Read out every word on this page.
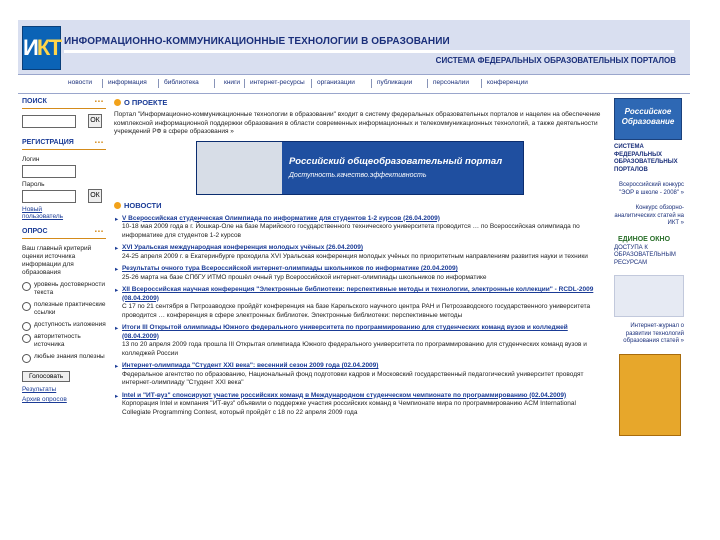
ИКТ ИНФОРМАЦИОННО-КОММУНИКАЦИОННЫЕ ТЕХНОЛОГИИ В ОБРАЗОВАНИИ
СИСТЕМА ФЕДЕРАЛЬНЫХ ОБРАЗОВАТЕЛЬНЫХ ПОРТАЛОВ
новости информация	библиотека	книги интернет-ресурсы организации	публикации	персоналии	конференции
ПОИСК	▪▪▪
ОК
РЕГИСТРАЦИЯ	▪▪▪
Логин
Пароль
ОК
Новый пользователь
ОПРОС	▪▪▪
Ваш главный критерий оценки источника информации для образования
уровень достоверности текста
полезные практические ссылки
доступность изложения
авторитетность источника
любые знания полезны
Голосовать
Результаты
Архив опросов
О ПРОЕКТЕ
Портал "Информационно-коммуникационные технологии в образовании" входит в систему федеральных образовательных порталов и нацелен на обеспечение комплексной информационной поддержки образования в области современных информационных и телекоммуникационных технологий, а также деятельности учреждений РФ в сфере образования »
Российский общеобразовательный портал
Доступность.качество.эффективность
НОВОСТИ
▸ V Всероссийская студенческая Олимпиада по информатике для студентов 1-2 курсов (26.04.2009)
10-18 мая 2009 года в г. Йошкар-Оле на базе Марийского государственного технического университета проводится … по Всероссийская олимпиада по информатике для студентов 1-2 курсов
▸ XVI Уральская международная конференция молодых учёных (26.04.2009)
24-25 апреля 2009 г. в Екатеринбурге проходила XVI Уральская конференция молодых учёных по приоритетным направлениям развития науки и техники
▸ Результаты очного тура Всероссийской интернет-олимпиады школьников по информатике (20.04.2009)
25-26 марта на базе СПбГУ ИТМО прошёл очный тур Всероссийской интернет-олимпиады школьников по информатике
▸ XII Всероссийская научная конференция "Электронные библиотеки: перспективные методы и технологии, электронные коллекции" - RCDL-2009 (08.04.2009)
С 17 по 21 сентября в Петрозаводске пройдёт конференция на базе Карельского научного центра РАН и Петрозаводского государственного университета проводится … конференция в сфере электронных библиотек. Электронные библиотеки: перспективные методы
▸ Итоги III Открытой олимпиады Южного федерального университета по программированию для студенческих команд вузов и колледжей (08.04.2009)
13 по 20 апреля 2009 года прошла III Открытая олимпиада Южного федерального университета по программированию для студенческих команд вузов и колледжей России
▸ Интернет-олимпиада "Студент XXI века": весенний сезон 2009 года (02.04.2009)
Федеральное агентство по образованию, Национальный фонд подготовки кадров и Московский государственный педагогический университет проводят интернет-олимпиаду "Студент XXI века"
▸ Intel и "ИТ-вуз" спонсируют участие российских команд в Международном студенческом чемпионате по программированию (02.04.2009)
Корпорация Intel и компания "ИТ-вуз" объявили о поддержке участия российских команд в Чемпионате мира по программированию ACM International Collegiate Programming Contest, который пройдёт с 18 по 22 апреля 2009 года
Российское Образование
СИСТЕМА ФЕДЕРАЛЬНЫХ ОБРАЗОВАТЕЛЬНЫХ ПОРТАЛОВ
Всероссийский конкурс "ЭОР в школе - 2008" »
Конкурс обзорно-аналитических статей на ИКТ »
ЕДИНОЕ ОКНО
ДОСТУПА К ОБРАЗОВАТЕЛЬНЫМ РЕСУРСАМ
Интернет-журнал о развитии технологий образования статей »
